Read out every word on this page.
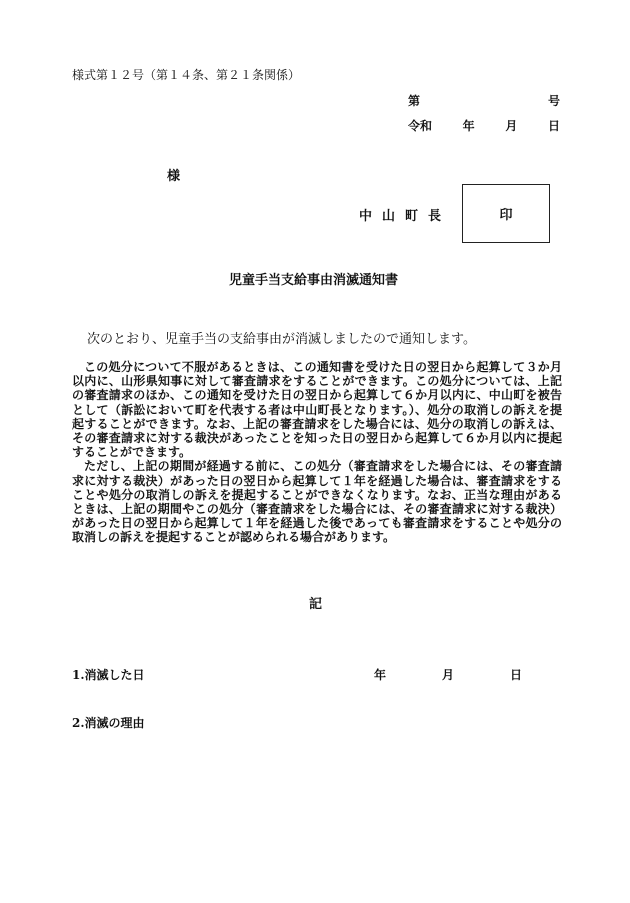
様式第１２号（第１４条、第２１条関係）
第	号
令和	年	月	日
様
中山町長	印
児童手当支給事由消滅通知書
次のとおり、児童手当の支給事由が消滅しましたので通知します。

この処分について不服があるときは、この通知書を受けた日の翌日から起算して３か月以内に、山形県知事に対して審査請求をすることができます。この処分については、上記の審査請求のほか、この通知を受けた日の翌日から起算して６か月以内に、中山町を被告として（訴訟において町を代表する者は中山町長となります。）、処分の取消しの訴えを提起することができます。なお、上記の審査請求をした場合には、処分の取消しの訴えは、その審査請求に対する裁決があったことを知った日の翌日から起算して６か月以内に提起することができます。

ただし、上記の期間が経過する前に、この処分（審査請求をした場合には、その審査請求に対する裁決）があった日の翌日から起算して１年を経過した場合は、審査請求をすることや処分の取消しの訴えを提起することができなくなります。なお、正当な理由があるときは、上記の期間やこの処分（審査請求をした場合には、その審査請求に対する裁決）があった日の翌日から起算して１年を経過した後であっても審査請求をすることや処分の取消しの訴えを提起することが認められる場合があります。

記
1.消滅した日	年	月	日
2.消滅の理由
